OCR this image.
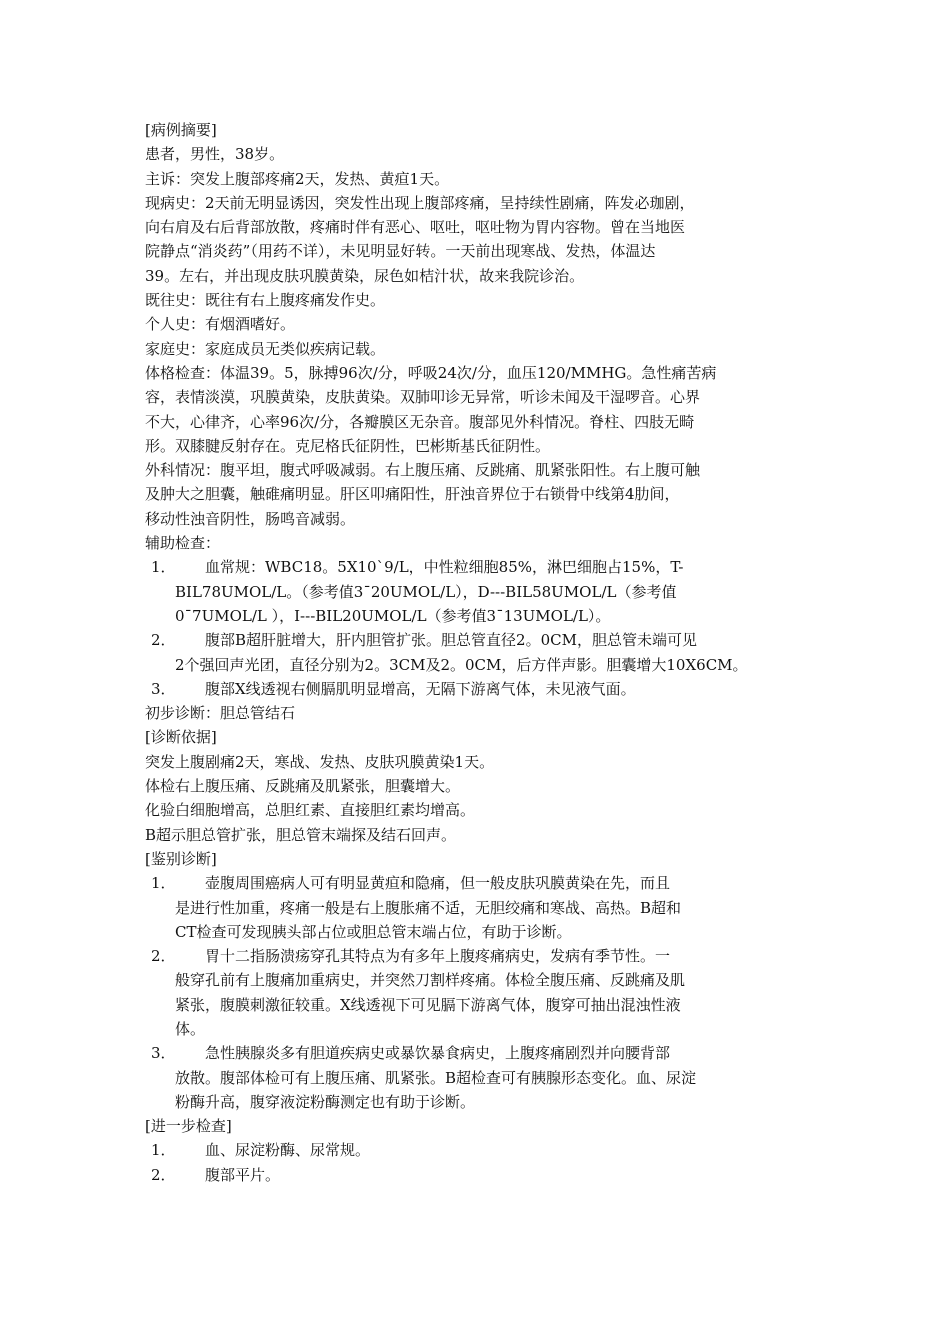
[病例摘要]
患者，男性，38岁。
主诉：突发上腹部疼痛2天，发热、黄疸1天。
现病史：2天前无明显诱因，突发性出现上腹部疼痛，呈持续性剧痛，阵发必珈剧，
向右肩及右后背部放散，疼痛时伴有恶心、呕吐，呕吐物为胃内容物。曾在当地医
院静点“消炎药”（用药不详），未见明显好转。一天前出现寒战、发热，体温达
39。左右，并出现皮肤巩膜黄染，尿色如桔汁状，故来我院诊治。
既往史：既往有右上腹疼痛发作史。
个人史：有烟酒嗜好。
家庭史：家庭成员无类似疾病记载。
体格检查：体温39。5，脉搏96次/分，呼吸24次/分，血压120/MMHG。急性痛苦病
容，表情淡漠，巩膜黄染，皮肤黄染。双肺叩诊无异常，听诊未闻及干湿啰音。心界
不大，心律齐，心率96次/分，各瓣膜区无杂音。腹部见外科情况。脊柱、四肢无畸
形。双膝腱反射存在。克尼格氏征阴性，巴彬斯基氏征阴性。
外科情况：腹平坦，腹式呼吸减弱。右上腹压痛、反跳痛、肌紧张阳性。右上腹可触
及肿大之胆囊，触碓痛明显。肝区叩痛阳性，肝浊音界位于右锁骨中线第4肋间，
移动性浊音阴性，肠鸣音减弱。
辅助检查：
1． 血常规：WBC18。5X10`9/L，中性粒细胞85%，淋巴细胞占15%，T-
BIL78UMOL/L。（参考值3¯20UMOL/L），D---BIL58UMOL/L（参考值
0¯7UMOL/L ），I---BIL20UMOL/L（参考值3¯13UMOL/L）。
2． 腹部B超肝脏增大，肝内胆管扩张。胆总管直径2。0CM，胆总管未端可见
2个强回声光团，直径分别为2。3CM及2。0CM，后方伴声影。胆囊增大10X6CM。
3． 腹部X线透视右侧膈肌明显增高，无隔下游离气体，未见液气面。
初步诊断：胆总管结石
[诊断依据]
突发上腹剧痛2天，寒战、发热、皮肤巩膜黄染1天。
体检右上腹压痛、反跳痛及肌紧张，胆囊增大。
化验白细胞增高，总胆红素、直接胆红素均增高。
B超示胆总管扩张，胆总管末端探及结石回声。
[鉴别诊断]
1． 壶腹周围癌病人可有明显黄疸和隐痛，但一般皮肤巩膜黄染在先，而且
是进行性加重，疼痛一般是右上腹胀痛不适，无胆绞痛和寒战、高热。B超和
CT检查可发现胰头部占位或胆总管末端占位，有助于诊断。
2． 胃十二指肠溃疡穿孔其特点为有多年上腹疼痛病史，发病有季节性。一
般穿孔前有上腹痛加重病史，并突然刀割样疼痛。体检全腹压痛、反跳痛及肌
紧张，腹膜刺激征较重。X线透视下可见膈下游离气体，腹穿可抽出混浊性液
体。
3． 急性胰腺炎多有胆道疾病史或暴饮暴食病史，上腹疼痛剧烈并向腰背部
放散。腹部体检可有上腹压痛、肌紧张。B超检查可有胰腺形态变化。血、尿淀
粉酶升高，腹穿液淀粉酶测定也有助于诊断。
[进一步检查]
1． 血、尿淀粉酶、尿常规。
2． 腹部平片。
